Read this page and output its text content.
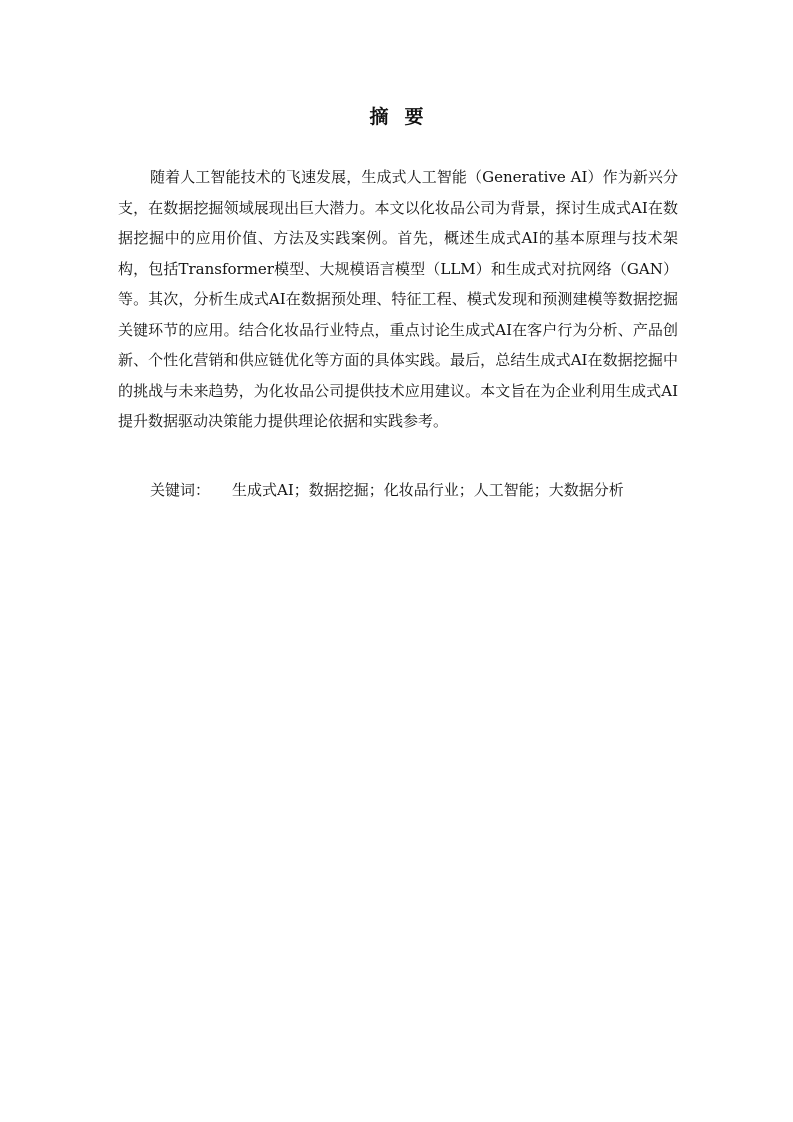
摘要

随着人工智能技术的飞速发展，生成式人工智能（Generative AI）作为新兴分支，在数据挖掘领域展现出巨大潜力。本文以化妆品公司为背景，探讨生成式AI在数据挖掘中的应用价值、方法及实践案例。首先，概述生成式AI的基本原理与技术架构，包括Transformer模型、大规模语言模型（LLM）和生成式对抗网络（GAN）等。其次，分析生成式AI在数据预处理、特征工程、模式发现和预测建模等数据挖掘关键环节的应用。结合化妆品行业特点，重点讨论生成式AI在客户行为分析、产品创新、个性化营销和供应链优化等方面的具体实践。最后，总结生成式AI在数据挖掘中的挑战与未来趋势，为化妆品公司提供技术应用建议。本文旨在为企业利用生成式AI提升数据驱动决策能力提供理论依据和实践参考。

关键词： 生成式AI；数据挖掘；化妆品行业；人工智能；大数据分析
